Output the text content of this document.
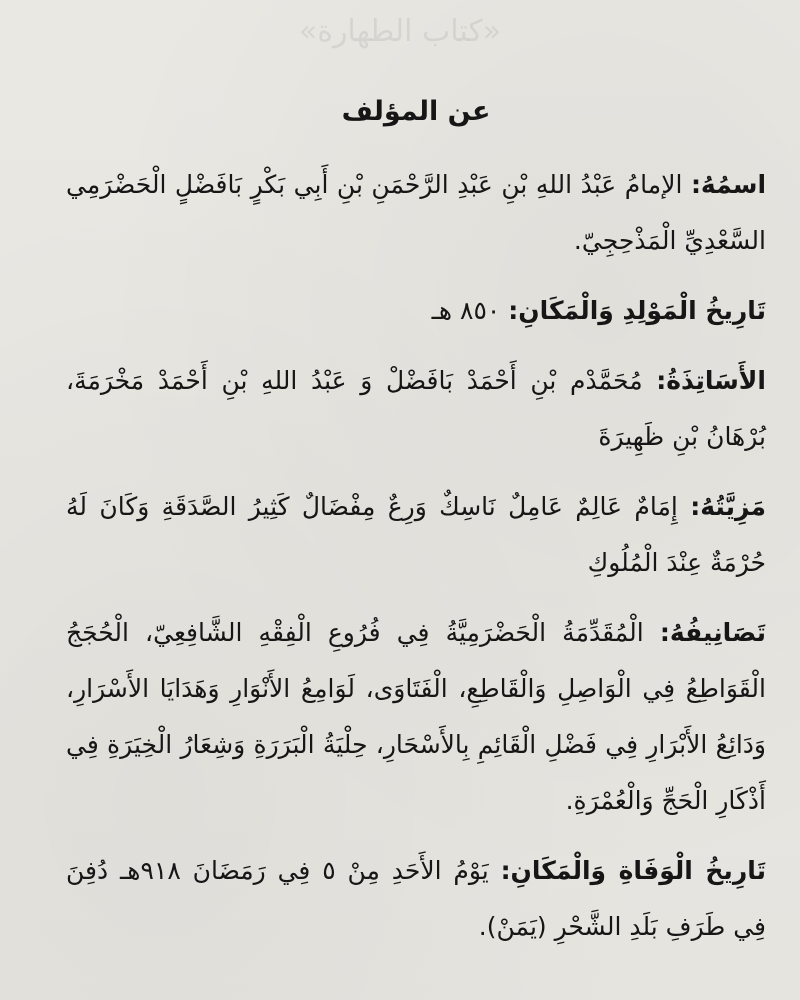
«كتاب الطهارة»
عن المؤلف

اسمُهُ: الإمامُ عَبْدُ اللهِ بْنِ عَبْدِ الرَّحْمَنِ بْنِ أَبِي بَكْرٍ بَافَضْلٍ الْحَضْرَمِي السَّعْدِيِّ الْمَذْحِجِيّ.

تَارِيخُ الْمَوْلِدِ وَالْمَكَانِ: ٨٥٠ هـ

الأَسَاتِذَةُ: مُحَمَّدْم بْنِ أَحْمَدْ بَافَضْلْ وَ عَبْدُ اللهِ بْنِ أَحْمَدْ مَخْرَمَةَ، بُرْهَانُ بْنِ ظَهِيرَةَ

مَزِيَّتُهُ: إِمَامٌ عَالِمٌ عَامِلٌ نَاسِكٌ وَرِعٌ مِفْضَالٌ كَثِيرُ الصَّدَقَةِ وَكَانَ لَهُ حُرْمَةٌ عِنْدَ الْمُلُوكِ

تَصَانِيفُهُ: الْمُقَدِّمَةُ الْحَضْرَمِيَّةُ فِي فُرُوعِ الْفِقْهِ الشَّافِعِيّ، الْحُجَجُ الْقَوَاطِعُ فِي الْوَاصِلِ وَالْقَاطِعِ، الْفَتَاوَى، لَوَامِعُ الأَنْوَارِ وَهَدَايَا الأَسْرَارِ، وَدَائِعُ الأَبْرَارِ فِي فَضْلِ الْقَائِمِ بِالأَسْحَارِ، حِلْيَةُ الْبَرَرَةِ وَشِعَارُ الْخِيَرَةِ فِي أَذْكَارِ الْحَجِّ وَالْعُمْرَةِ.

تَارِيخُ الْوَفَاةِ وَالْمَكَانِ: يَوْمُ الأَحَدِ مِنْ ٥ فِي رَمَضَانَ ٩١٨هـ دُفِنَ فِي طَرَفِ بَلَدِ الشَّحْرِ (يَمَنْ).
